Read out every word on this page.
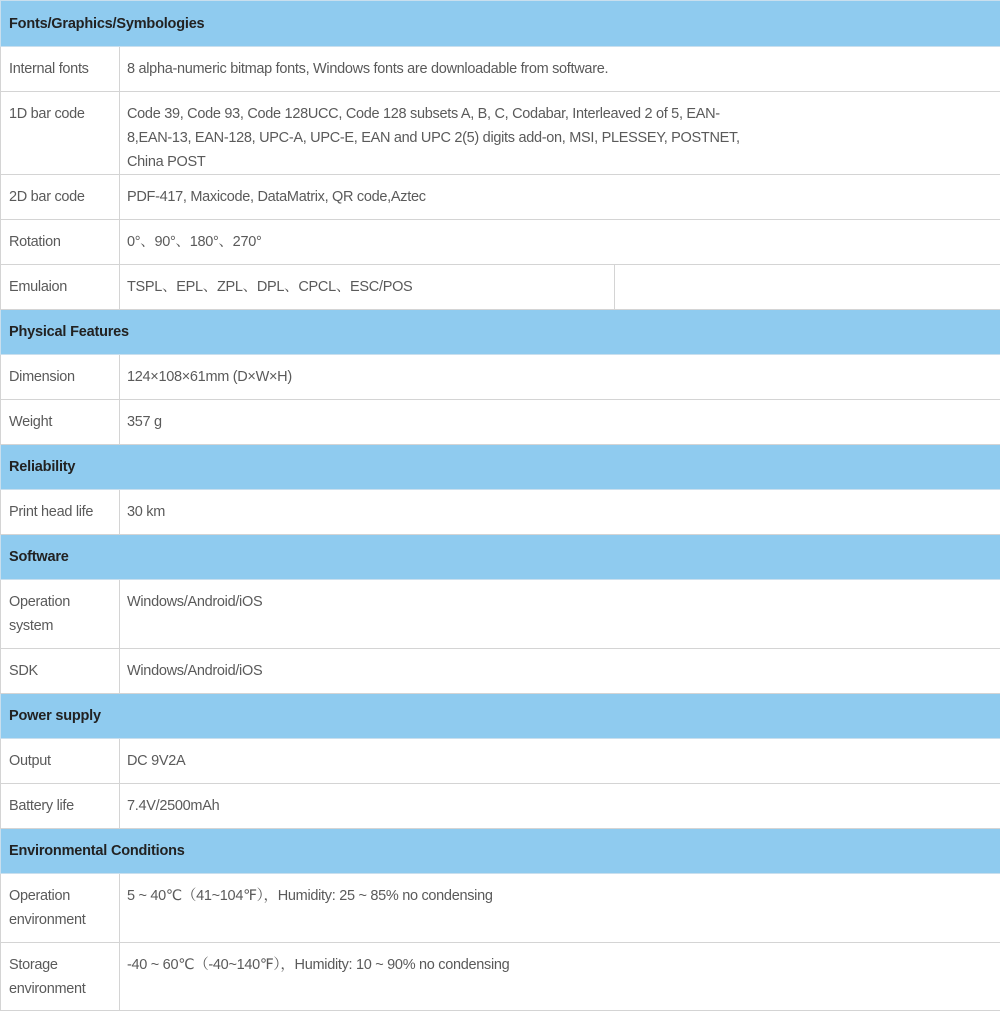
Fonts/Graphics/Symbologies		
Internal fonts	8 alpha-numeric bitmap fonts, Windows fonts are downloadable from software.	
1D bar code	Code 39, Code 93, Code 128UCC, Code 128 subsets A, B, C, Codabar, Interleaved 2 of 5, EAN-8,EAN-13, EAN-128, UPC-A, UPC-E, EAN and UPC 2(5) digits add-on, MSI, PLESSEY, POSTNET, China POST	
2D bar code	PDF-417, Maxicode, DataMatrix, QR code,Aztec	
Rotation	0°、90°、180°、270°	
Emulaion	TSPL、EPL、ZPL、DPL、CPCL、ESC/POS	
Physical Features		
Dimension	124×108×61mm (D×W×H)	
Weight	357 g	
Reliability		
Print head life	30 km	
Software		
Operation system	Windows/Android/iOS	
SDK	Windows/Android/iOS	
Power supply		
Output	DC 9V2A	
Battery life	7.4V/2500mAh	
Environmental Conditions		
Operation environment	5 ~ 40℃（41~104℉），Humidity: 25 ~ 85% no condensing	
Storage environment	-40 ~ 60℃（-40~140℉），Humidity: 10 ~ 90% no condensing	
